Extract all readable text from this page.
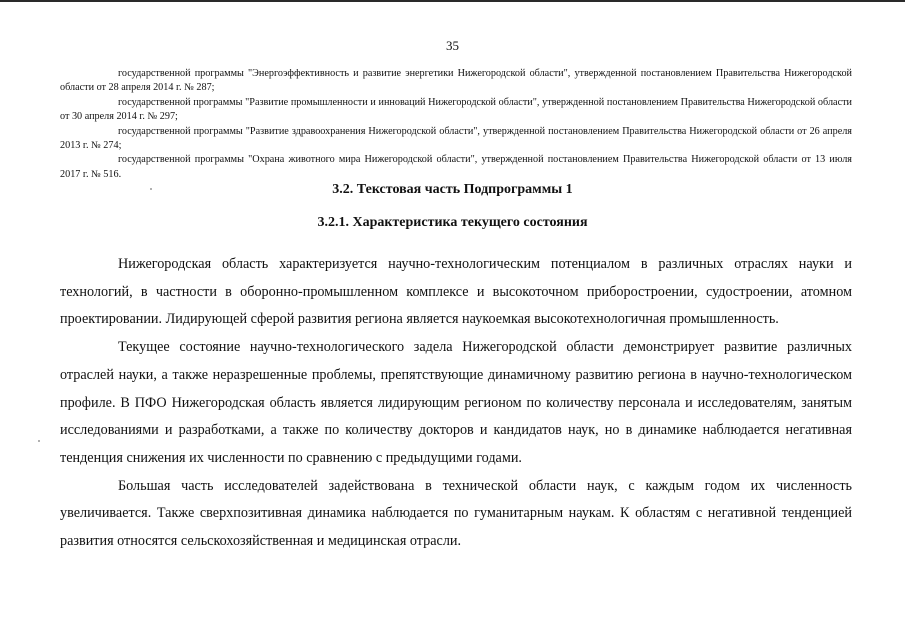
35

государственной программы "Энергоэффективность и развитие энергетики Нижегородской области", утвержденной постановлением Правительства Нижегородской области от 28 апреля 2014 г. № 287;

государственной программы "Развитие промышленности и инноваций Нижегородской области", утвержденной постановлением Правительства Нижегородской области от 30 апреля 2014 г. № 297;

государственной программы "Развитие здравоохранения Нижегородской области", утвержденной постановлением Правительства Нижегородской области от 26 апреля 2013 г. № 274;

государственной программы "Охрана животного мира Нижегородской области", утвержденной постановлением Правительства Нижегородской области от 13 июля 2017 г. № 516.

3.2. Текстовая часть Подпрограммы 1
3.2.1. Характеристика текущего состояния

Нижегородская область характеризуется научно-технологическим потенциалом в различных отраслях науки и технологий, в частности в оборонно-промышленном комплексе и высокоточном приборостроении, судостроении, атомном проектировании. Лидирующей сферой развития региона является наукоемкая высокотехнологичная промышленность.

Текущее состояние научно-технологического задела Нижегородской области демонстрирует развитие различных отраслей науки, а также неразрешенные проблемы, препятствующие динамичному развитию региона в научно-технологическом профиле. В ПФО Нижегородская область является лидирующим регионом по количеству персонала и исследователям, занятым исследованиями и разработками, а также по количеству докторов и кандидатов наук, но в динамике наблюдается негативная тенденция снижения их численности по сравнению с предыдущими годами.

Большая часть исследователей задействована в технической области наук, с каждым годом их численность увеличивается. Также сверхпозитивная динамика наблюдается по гуманитарным наукам. К областям с негативной тенденцией развития относятся сельскохозяйственная и медицинская отрасли.
